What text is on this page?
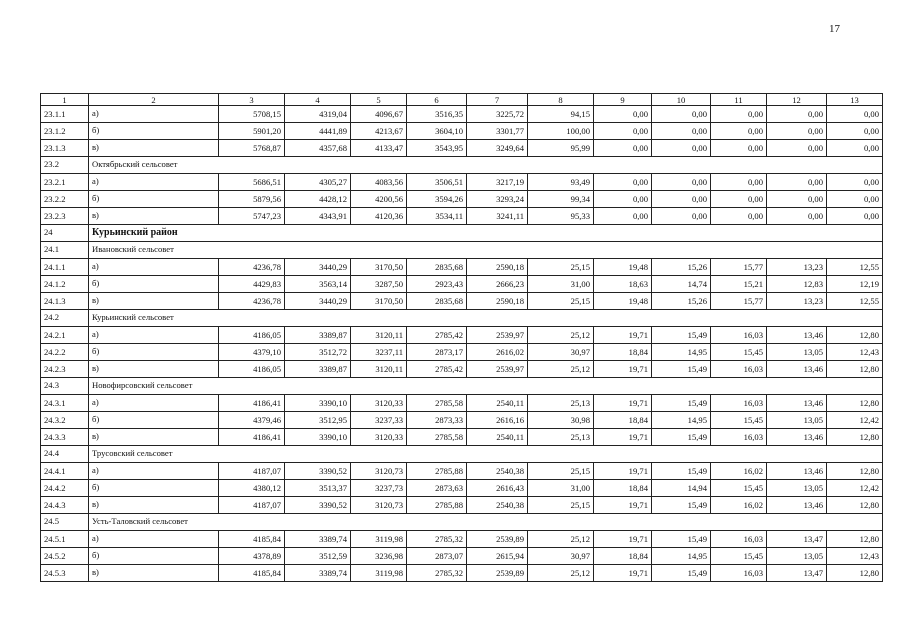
17
1	2	3	4	5	6	7	8	9	10	11	12	13
23.1.1	а)	5708,15	4319,04	4096,67	3516,35	3225,72	94,15	0,00	0,00	0,00	0,00	0,00
23.1.2	б)	5901,20	4441,89	4213,67	3604,10	3301,77	100,00	0,00	0,00	0,00	0,00	0,00
23.1.3	в)	5768,87	4357,68	4133,47	3543,95	3249,64	95,99	0,00	0,00	0,00	0,00	0,00
23.2	Октябрьский сельсовет											
23.2.1	а)	5686,51	4305,27	4083,56	3506,51	3217,19	93,49	0,00	0,00	0,00	0,00	0,00
23.2.2	б)	5879,56	4428,12	4200,56	3594,26	3293,24	99,34	0,00	0,00	0,00	0,00	0,00
23.2.3	в)	5747,23	4343,91	4120,36	3534,11	3241,11	95,33	0,00	0,00	0,00	0,00	0,00
24	Курьинский район											
24.1	Ивановский сельсовет											
24.1.1	а)	4236,78	3440,29	3170,50	2835,68	2590,18	25,15	19,48	15,26	15,77	13,23	12,55
24.1.2	б)	4429,83	3563,14	3287,50	2923,43	2666,23	31,00	18,63	14,74	15,21	12,83	12,19
24.1.3	в)	4236,78	3440,29	3170,50	2835,68	2590,18	25,15	19,48	15,26	15,77	13,23	12,55
24.2	Курьинский сельсовет											
24.2.1	а)	4186,05	3389,87	3120,11	2785,42	2539,97	25,12	19,71	15,49	16,03	13,46	12,80
24.2.2	б)	4379,10	3512,72	3237,11	2873,17	2616,02	30,97	18,84	14,95	15,45	13,05	12,43
24.2.3	в)	4186,05	3389,87	3120,11	2785,42	2539,97	25,12	19,71	15,49	16,03	13,46	12,80
24.3	Новофирсовский сельсовет											
24.3.1	а)	4186,41	3390,10	3120,33	2785,58	2540,11	25,13	19,71	15,49	16,03	13,46	12,80
24.3.2	б)	4379,46	3512,95	3237,33	2873,33	2616,16	30,98	18,84	14,95	15,45	13,05	12,42
24.3.3	в)	4186,41	3390,10	3120,33	2785,58	2540,11	25,13	19,71	15,49	16,03	13,46	12,80
24.4	Трусовский сельсовет											
24.4.1	а)	4187,07	3390,52	3120,73	2785,88	2540,38	25,15	19,71	15,49	16,02	13,46	12,80
24.4.2	б)	4380,12	3513,37	3237,73	2873,63	2616,43	31,00	18,84	14,94	15,45	13,05	12,42
24.4.3	в)	4187,07	3390,52	3120,73	2785,88	2540,38	25,15	19,71	15,49	16,02	13,46	12,80
24.5	Усть-Таловский сельсовет											
24.5.1	а)	4185,84	3389,74	3119,98	2785,32	2539,89	25,12	19,71	15,49	16,03	13,47	12,80
24.5.2	б)	4378,89	3512,59	3236,98	2873,07	2615,94	30,97	18,84	14,95	15,45	13,05	12,43
24.5.3	в)	4185,84	3389,74	3119,98	2785,32	2539,89	25,12	19,71	15,49	16,03	13,47	12,80
